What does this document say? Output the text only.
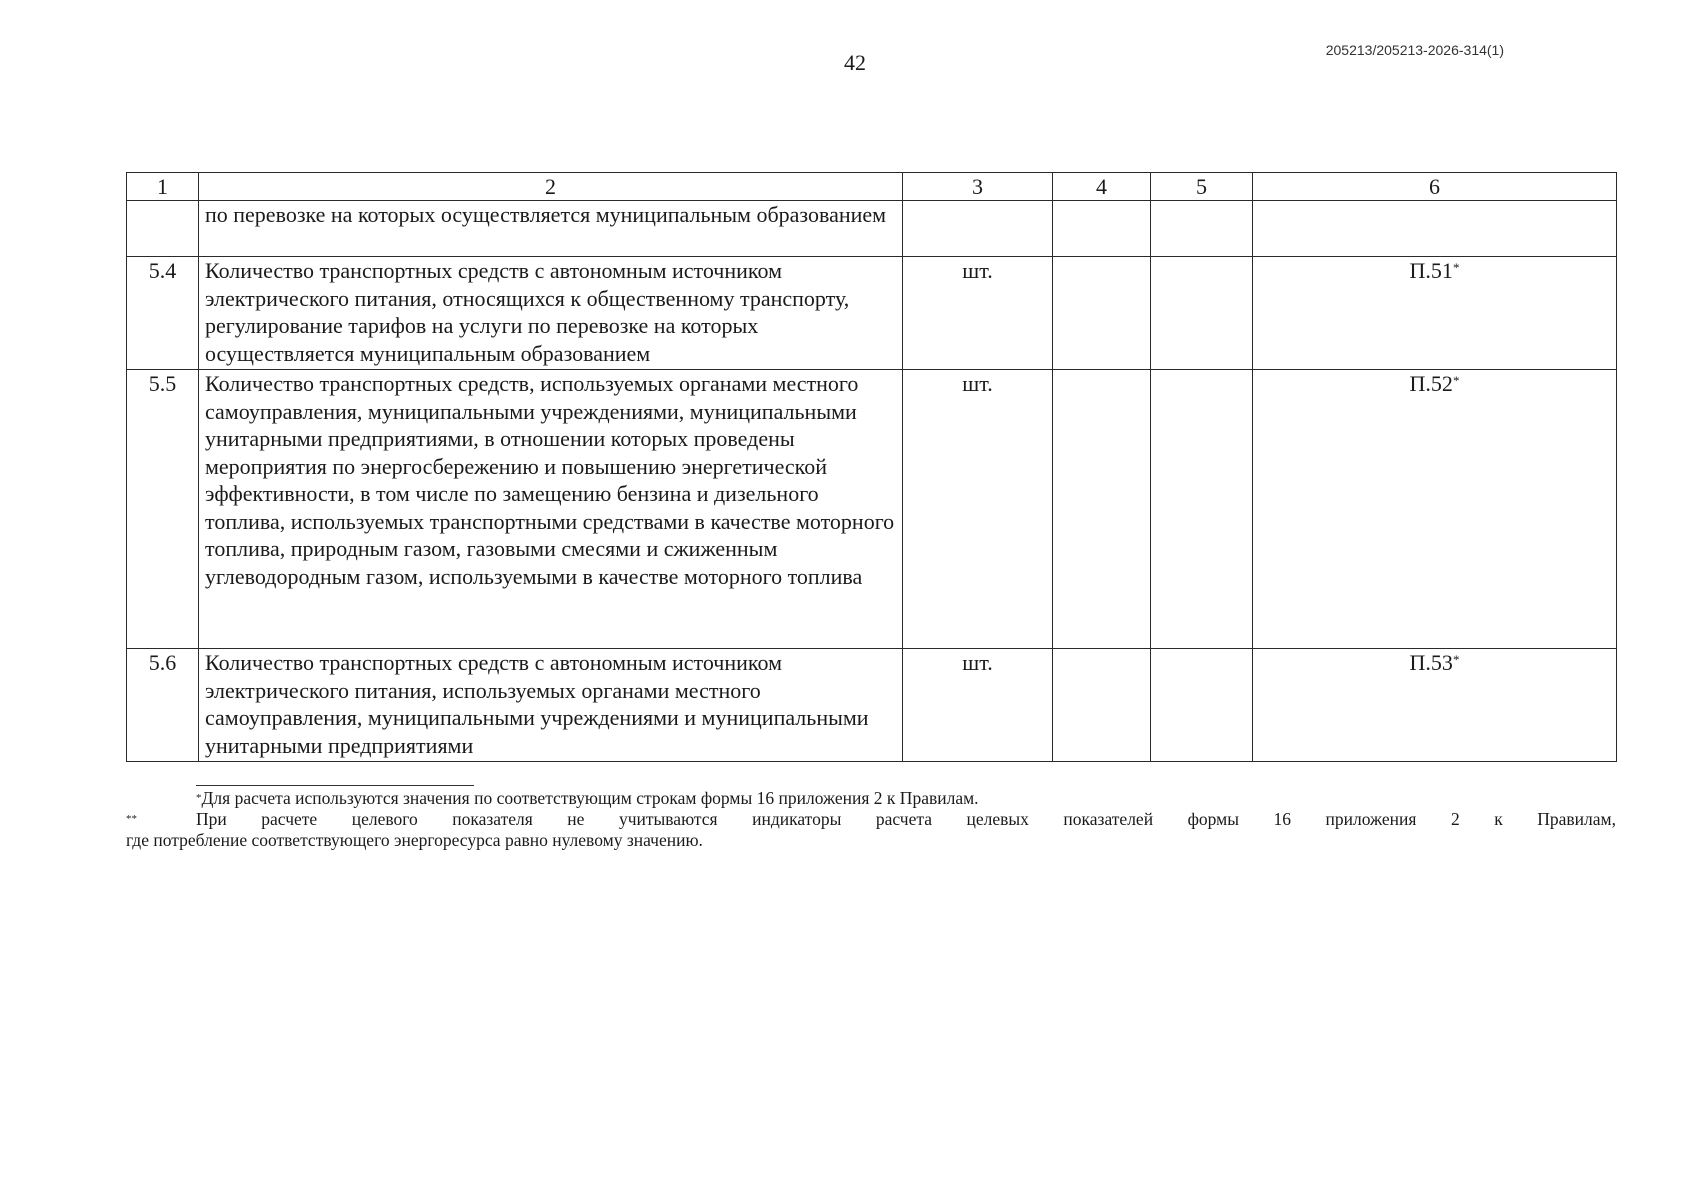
42	205213/205213-2026-314(1)
1	2	3	4	5	6
	по перевозке на которых осуществляется муниципальным образованием				
5.4	Количество транспортных средств с автономным источником электрического питания, относящихся к общественному транспорту, регулирование тарифов на услуги по перевозке на которых осуществляется муниципальным образованием	шт.			П.51*
5.5	Количество транспортных средств, используемых органами местного самоуправления, муниципальными учреждениями, муниципальными унитарными предприятиями, в отношении которых проведены мероприятия по энергосбережению и повышению энергетической эффективности, в том числе по замещению бензина и дизельного топлива, используемых транспортными средствами в качестве моторного топлива, природным газом, газовыми смесями и сжиженным углеводородным газом, используемыми в качестве моторного топлива	шт.			П.52*
5.6	Количество транспортных средств с автономным источником электрического питания, используемых органами местного самоуправления, муниципальными учреждениями и муниципальными унитарными предприятиями	шт.			П.53*
*Для расчета используются значения по соответствующим строкам формы 16 приложения 2 к Правилам.
**	При расчете целевого показателя не учитываются индикаторы расчета целевых показателей формы 16 приложения 2 к Правилам,
где потребление соответствующего энергоресурса равно нулевому значению.
